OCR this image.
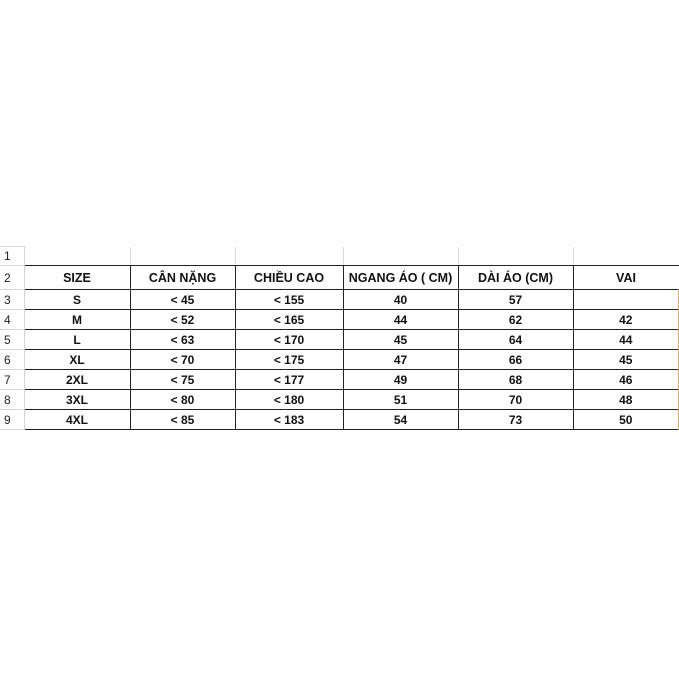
1						
2	SIZE	CÂN NẶNG	CHIỀU CAO	NGANG ÁO ( CM)	DÀI ÁO (CM)	VAI
3	S	< 45	< 155	40	57	
4	M	< 52	< 165	44	62	42
5	L	< 63	< 170	45	64	44
6	XL	< 70	< 175	47	66	45
7	2XL	< 75	< 177	49	68	46
8	3XL	< 80	< 180	51	70	48
9	4XL	< 85	< 183	54	73	50
